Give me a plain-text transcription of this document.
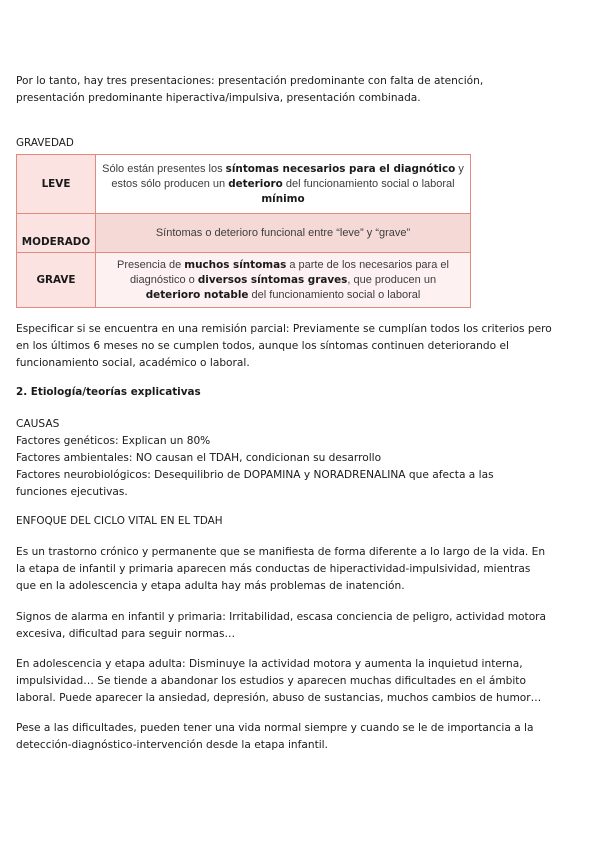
Por lo tanto, hay tres presentaciones: presentación predominante con falta de atención,
presentación predominante hiperactiva/impulsiva, presentación combinada.

GRAVEDAD

LEVE	Sólo están presentes los síntomas necesarios para el diagnótico y estos sólo producen un deterioro del funcionamiento social o laboral mínimo
MODERADO	Síntomas o deterioro funcional entre “leve” y “grave”
GRAVE	Presencia de muchos síntomas a parte de los necesarios para el diagnóstico o diversos síntomas graves, que producen un deterioro notable del funcionamiento social o laboral

Especificar si se encuentra en una remisión parcial: Previamente se cumplían todos los criterios pero
en los últimos 6 meses no se cumplen todos, aunque los síntomas continuen deteriorando el
funcionamiento social, académico o laboral.

2. Etiología/teorías explicativas

CAUSAS
Factores genéticos: Explican un 80%
Factores ambientales: NO causan el TDAH, condicionan su desarrollo
Factores neurobiológicos: Desequilibrio de DOPAMINA y NORADRENALINA que afecta a las
funciones ejecutivas.

ENFOQUE DEL CICLO VITAL EN EL TDAH

Es un trastorno crónico y permanente que se manifiesta de forma diferente a lo largo de la vida. En
la etapa de infantil y primaria aparecen más conductas de hiperactividad-impulsividad, mientras
que en la adolescencia y etapa adulta hay más problemas de inatención.

Signos de alarma en infantil y primaria: Irritabilidad, escasa conciencia de peligro, actividad motora
excesiva, dificultad para seguir normas…

En adolescencia y etapa adulta: Disminuye la actividad motora y aumenta la inquietud interna,
impulsividad… Se tiende a abandonar los estudios y aparecen muchas dificultades en el ámbito
laboral. Puede aparecer la ansiedad, depresión, abuso de sustancias, muchos cambios de humor…

Pese a las dificultades, pueden tener una vida normal siempre y cuando se le de importancia a la
detección-diagnóstico-intervención desde la etapa infantil.
